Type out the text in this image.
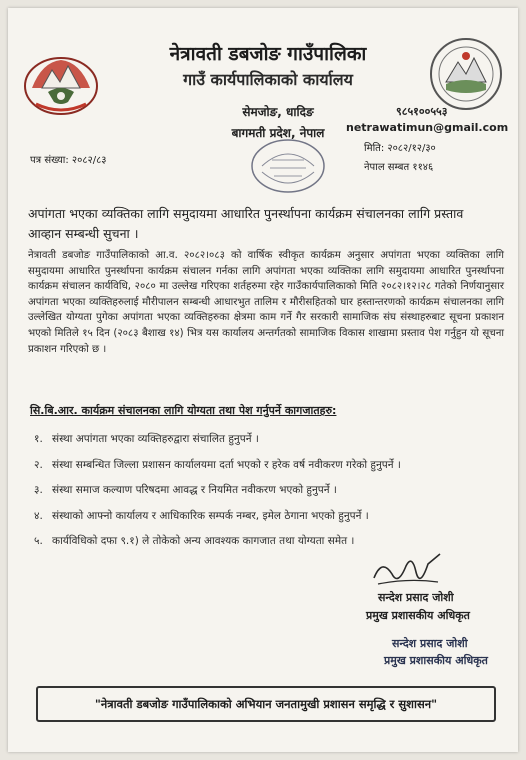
नेत्रावती डबजोङ गाउँपालिका
गाउँ कार्यपालिकाको कार्यालय
सेमजोङ, धादिङ
बागमती प्रदेश, नेपाल
९८५१००५५३
netrawatimun@gmail.com
पत्र संख्या: २०८२/८३
मिति: २०८२/१२/३०
नेपाल सम्बत ११४६
अपांगता भएका व्यक्तिका लागि समुदायमा आधारित पुनर्स्थापना कार्यक्रम संचालनका लागि प्रस्ताव आव्हान सम्बन्धी सुचना ।
नेत्रावती डबजोङ गाउँपालिकाको आ.व. २०८२।०८३ को वार्षिक स्वीकृत कार्यक्रम अनुसार अपांगता भएका व्यक्तिका लागि समुदायमा आधारित पुनर्स्थापना कार्यक्रम संचालन गर्नका लागि अपांगता भएका व्यक्तिका लागि समुदायमा आधारित पुनर्स्थापना कार्यक्रम संचालन कार्यविधि, २०८० मा उल्लेख गरिएका शर्तहरुमा रहेर गाउँकार्यपालिकाको मिति २०८२।१२।२८ गतेको निर्णयानुसार अपांगता भएका व्यक्तिहरुलाई मौरीपालन सम्बन्धी आधारभुत तालिम र मौरीसहितको घार हस्तान्तरणको कार्यक्रम संचालनका लागि उल्लेखित योग्यता पुगेका अपांगता भएका व्यक्तिहरुका क्षेत्रमा काम गर्ने गैर सरकारी सामाजिक संघ संस्थाहरुबाट सूचना प्रकाशन भएको मितिले १५ दिन (२०८३ बैशाख १४) भित्र यस कार्यालय अन्तर्गतको सामाजिक विकास शाखामा प्रस्ताव पेश गर्नुहुन यो सूचना प्रकाशन गरिएको छ ।
सि.बि.आर. कार्यक्रम संचालनका लागि योग्यता तथा पेश गर्नुपर्ने कागजातहरु:
१. संस्था अपांगता भएका व्यक्तिहरुद्वारा संचालित हुनुपर्ने ।
२. संस्था सम्बन्धित जिल्ला प्रशासन कार्यालयमा दर्ता भएको र हरेक वर्ष नवीकरण गरेको हुनुपर्ने ।
३. संस्था समाज कल्याण परिषदमा आवद्ध र नियमित नवीकरण भएको हुनुपर्ने ।
४. संस्थाको आफ्नो कार्यालय र आधिकारिक सम्पर्क नम्बर, इमेल ठेगाना भएको हुनुपर्ने ।
५. कार्यविधिको दफा ९.१) ले तोकेको अन्य आवश्यक कागजात तथा योग्यता समेत ।
सन्देश प्रसाद जोशी
प्रमुख प्रशासकीय अधिकृत
सन्देश प्रसाद जोशी
प्रमुख प्रशासकीय अधिकृत
"नेत्रावती डबजोङ गाउँपालिकाको अभियान जनतामुखी प्रशासन समृद्धि र सुशासन"
